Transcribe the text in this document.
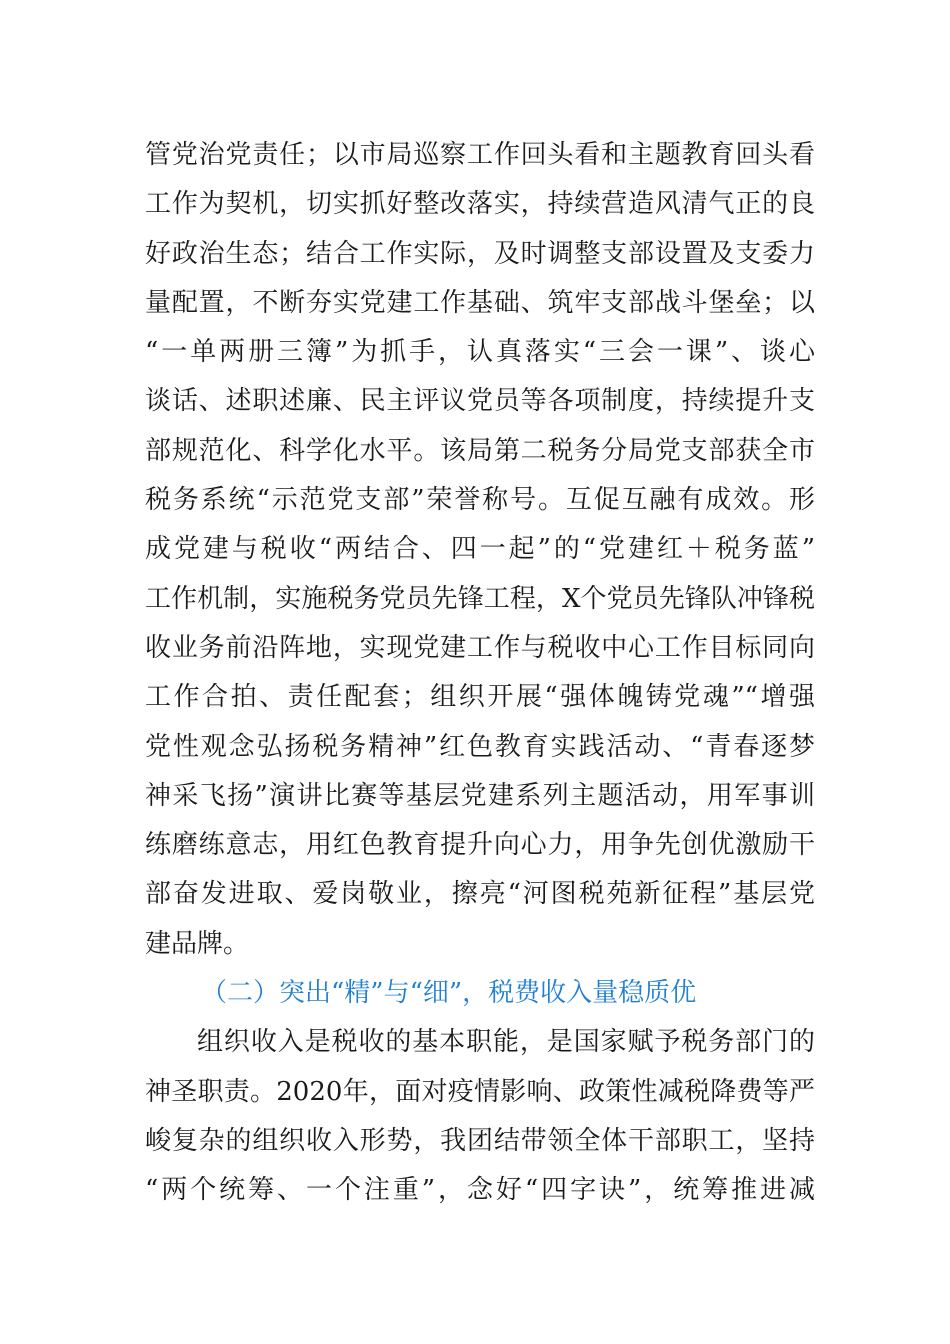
管党治党责任；以市局巡察工作回头看和主题教育回头看
工作为契机，切实抓好整改落实，持续营造风清气正的良
好政治生态；结合工作实际，及时调整支部设置及支委力
量配置，不断夯实党建工作基础、筑牢支部战斗堡垒；以
“一单两册三簿”为抓手，认真落实“三会一课”、谈心
谈话、述职述廉、民主评议党员等各项制度，持续提升支
部规范化、科学化水平。该局第二税务分局党支部获全市
税务系统“示范党支部”荣誉称号。互促互融有成效。形
成党建与税收“两结合、四一起”的“党建红＋税务蓝”
工作机制，实施税务党员先锋工程，X个党员先锋队冲锋税
收业务前沿阵地，实现党建工作与税收中心工作目标同向
工作合拍、责任配套；组织开展“强体魄铸党魂”“增强
党性观念弘扬税务精神”红色教育实践活动、“青春逐梦
神采飞扬”演讲比赛等基层党建系列主题活动，用军事训
练磨练意志，用红色教育提升向心力，用争先创优激励干
部奋发进取、爱岗敬业，擦亮“河图税苑新征程”基层党
建品牌。
（二）突出“精”与“细”，税费收入量稳质优
组织收入是税收的基本职能，是国家赋予税务部门的
神圣职责。2020年，面对疫情影响、政策性减税降费等严
峻复杂的组织收入形势，我团结带领全体干部职工，坚持
“两个统筹、一个注重”，念好“四字诀”，统筹推进减
